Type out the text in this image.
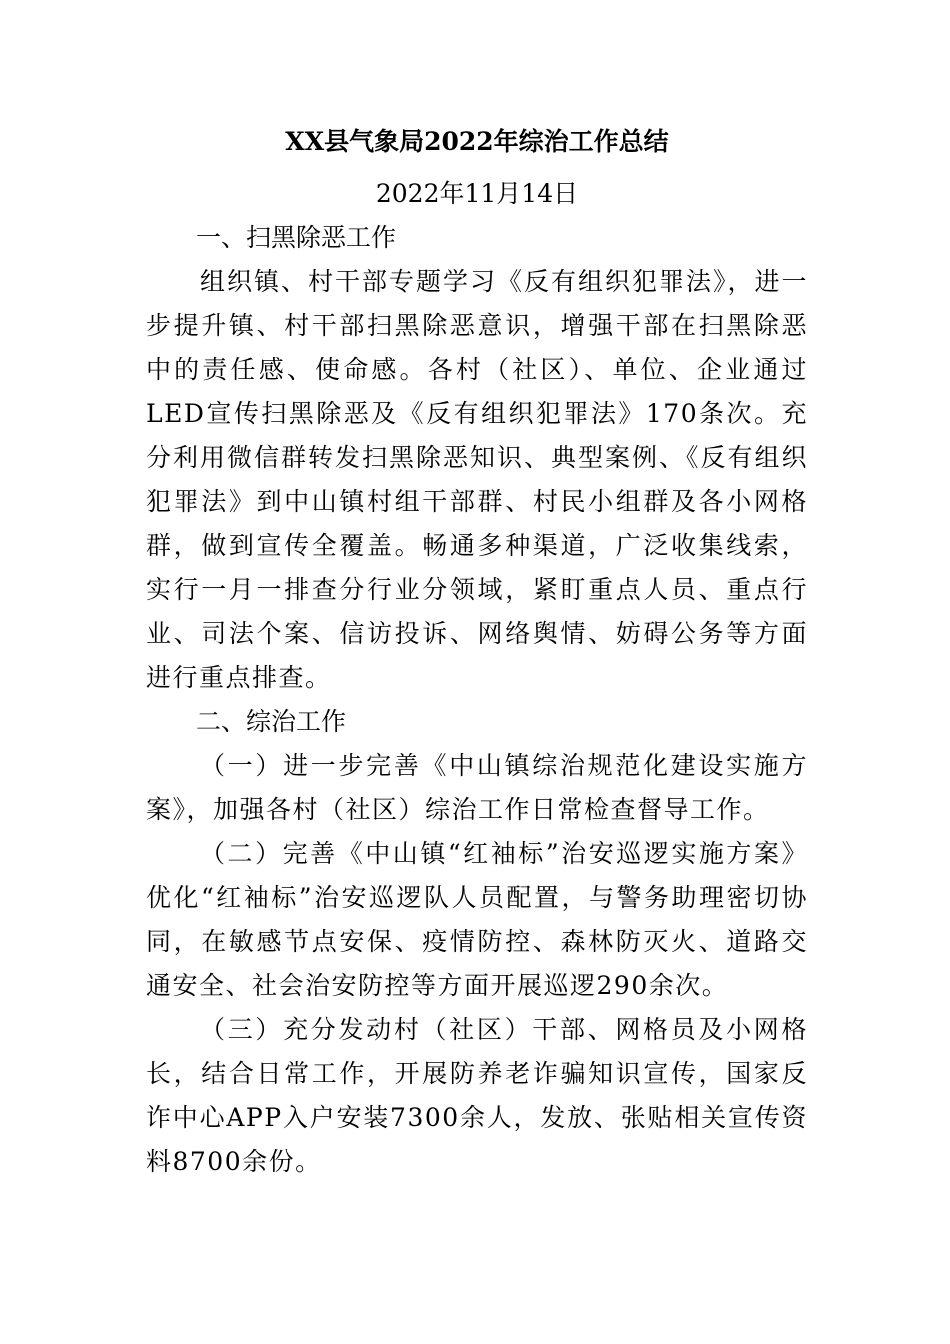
XX县气象局2022年综治工作总结

2022年11月14日

一、扫黑除恶工作

组织镇、村干部专题学习《反有组织犯罪法》，进一步提升镇、村干部扫黑除恶意识，增强干部在扫黑除恶中的责任感、使命感。各村（社区）、单位、企业通过LED宣传扫黑除恶及《反有组织犯罪法》170条次。充分利用微信群转发扫黑除恶知识、典型案例、《反有组织犯罪法》到中山镇村组干部群、村民小组群及各小网格群，做到宣传全覆盖。畅通多种渠道，广泛收集线索，实行一月一排查分行业分领域，紧盯重点人员、重点行业、司法个案、信访投诉、网络舆情、妨碍公务等方面进行重点排查。

二、综治工作

（一）进一步完善《中山镇综治规范化建设实施方案》，加强各村（社区）综治工作日常检查督导工作。

（二）完善《中山镇“红袖标”治安巡逻实施方案》优化“红袖标”治安巡逻队人员配置，与警务助理密切协同，在敏感节点安保、疫情防控、森林防灭火、道路交通安全、社会治安防控等方面开展巡逻290余次。

（三）充分发动村（社区）干部、网格员及小网格长，结合日常工作，开展防养老诈骗知识宣传，国家反诈中心APP入户安装7300余人，发放、张贴相关宣传资料8700余份。
